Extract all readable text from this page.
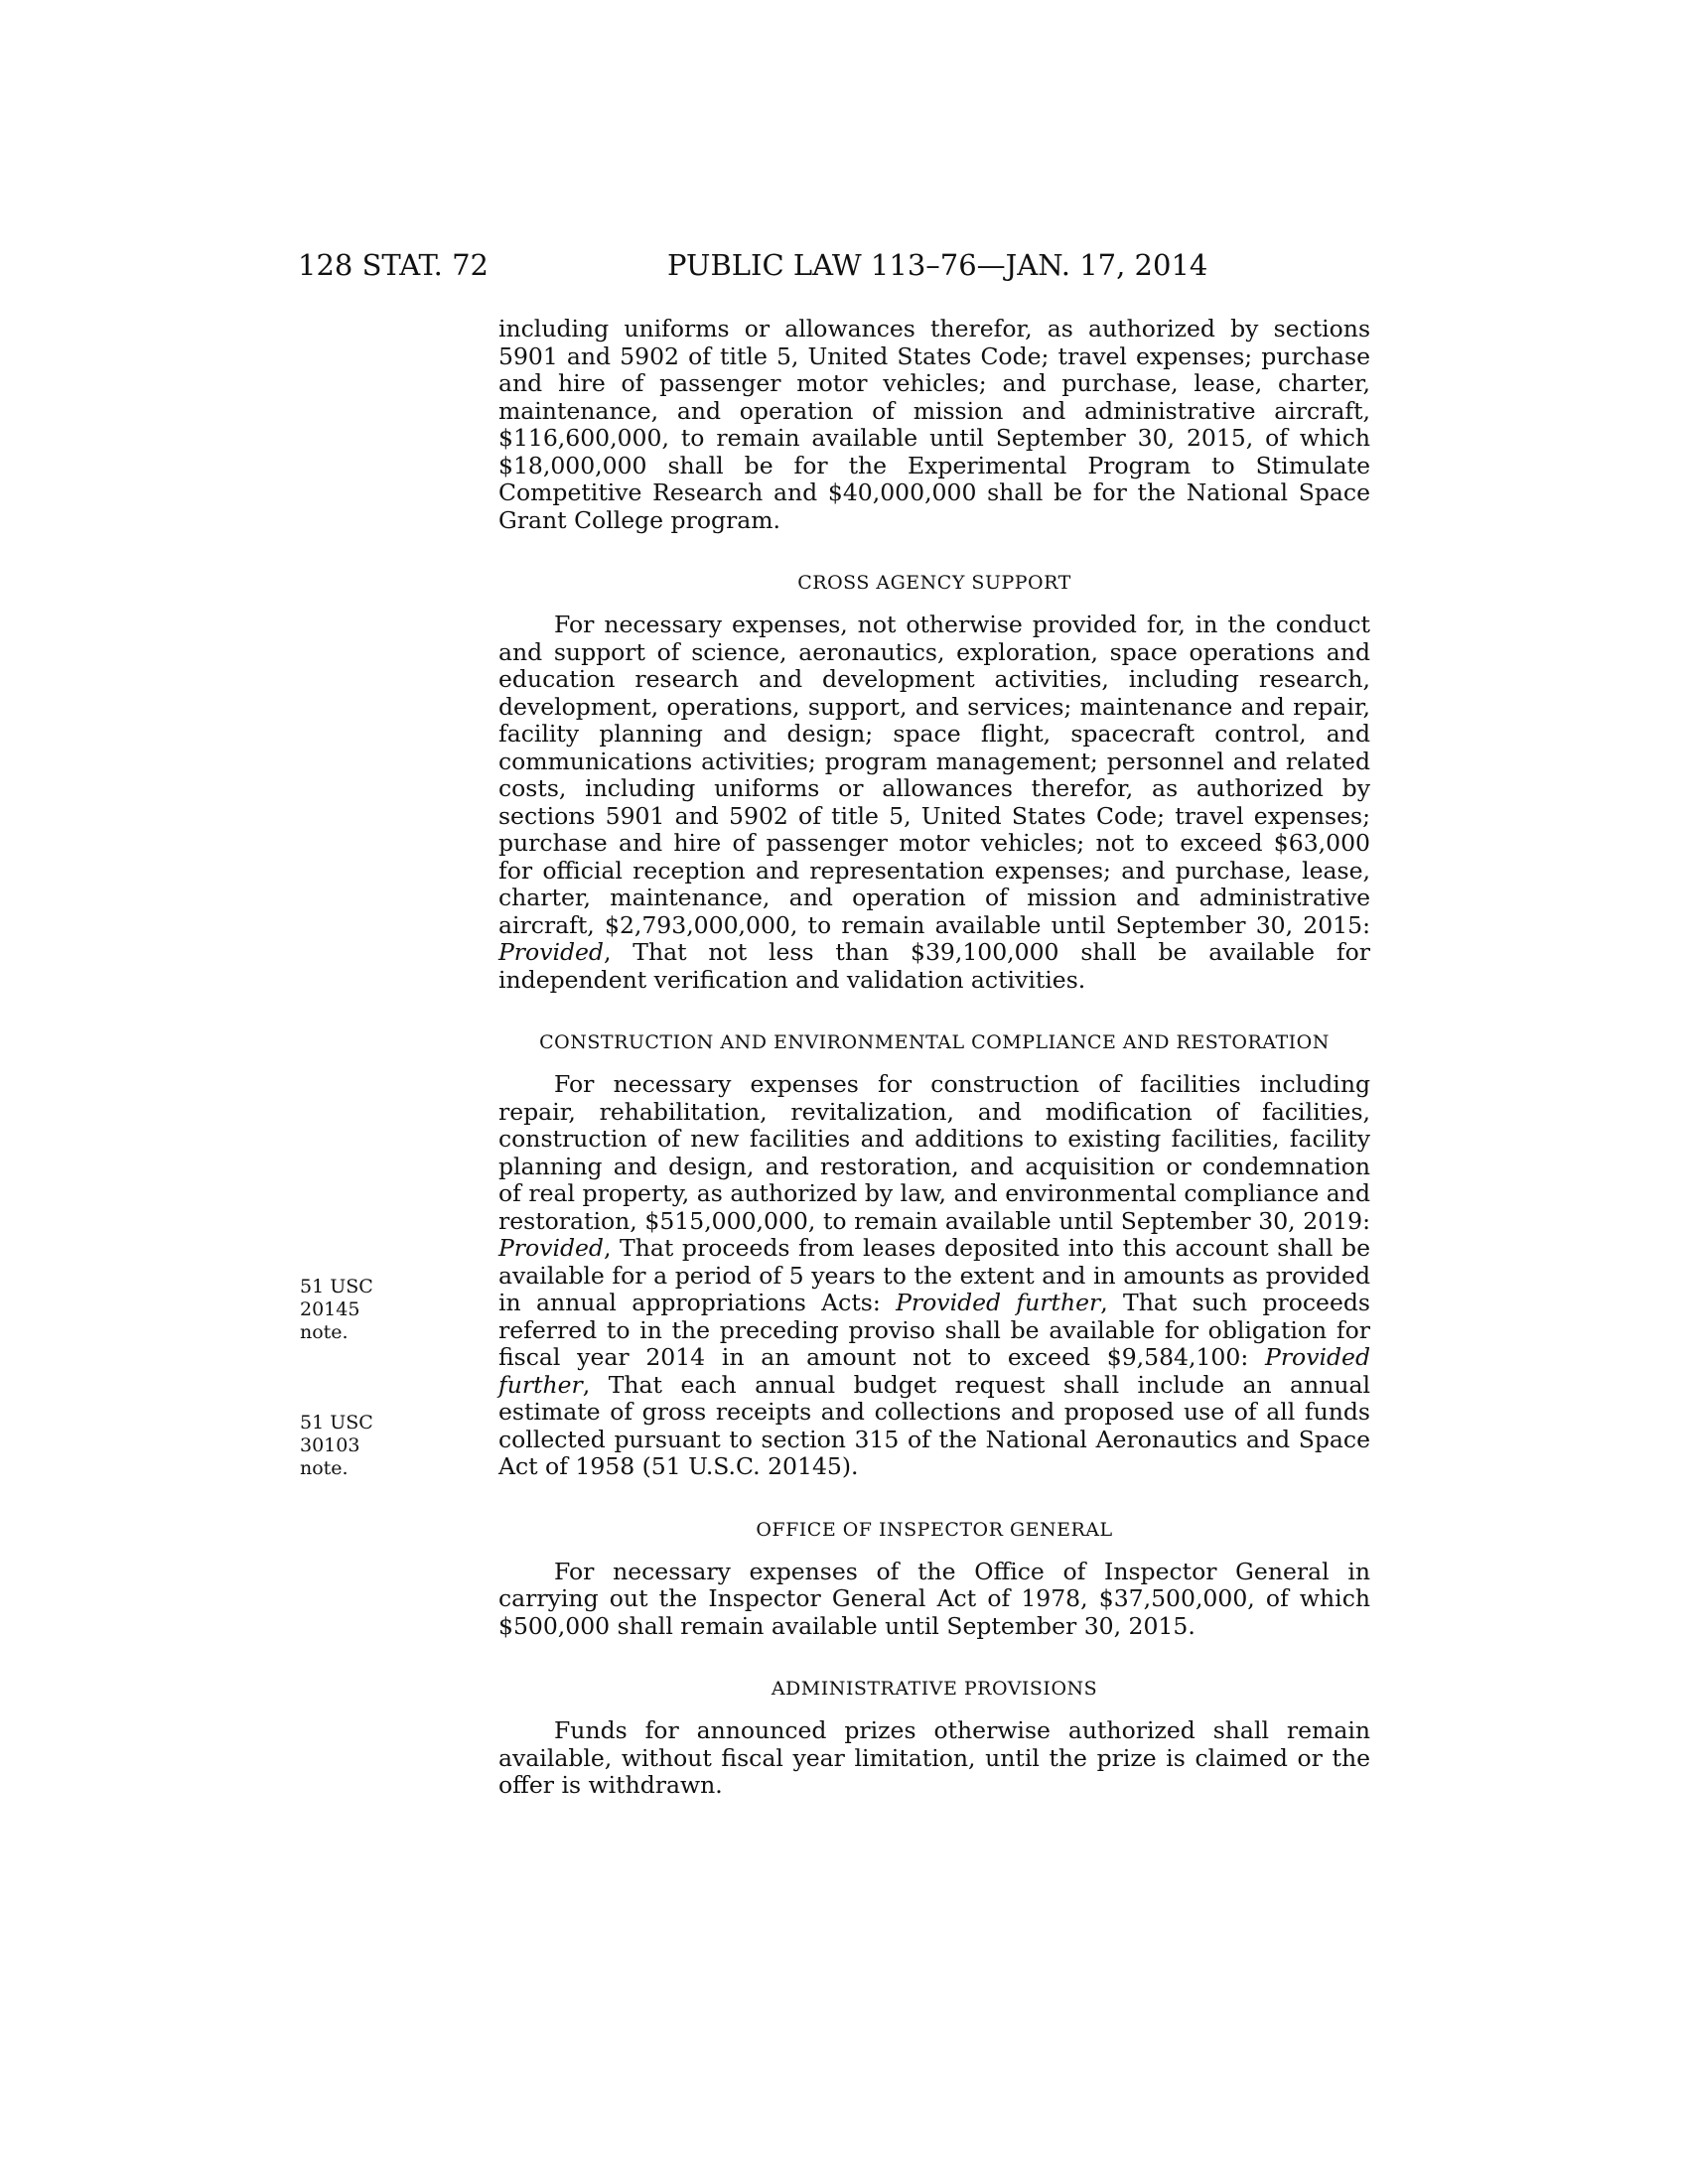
128 STAT. 72	PUBLIC LAW 113–76—JAN. 17, 2014
51 USC 20145
note.
51 USC 30103
note.

including uniforms or allowances therefor, as authorized by sections 5901 and 5902 of title 5, United States Code; travel expenses; purchase and hire of passenger motor vehicles; and purchase, lease, charter, maintenance, and operation of mission and administrative aircraft, $116,600,000, to remain available until September 30, 2015, of which $18,000,000 shall be for the Experimental Program to Stimulate Competitive Research and $40,000,000 shall be for the National Space Grant College program.

CROSS AGENCY SUPPORT

For necessary expenses, not otherwise provided for, in the conduct and support of science, aeronautics, exploration, space operations and education research and development activities, including research, development, operations, support, and services; maintenance and repair, facility planning and design; space flight, spacecraft control, and communications activities; program management; personnel and related costs, including uniforms or allowances therefor, as authorized by sections 5901 and 5902 of title 5, United States Code; travel expenses; purchase and hire of passenger motor vehicles; not to exceed $63,000 for official reception and representation expenses; and purchase, lease, charter, maintenance, and operation of mission and administrative aircraft, $2,793,000,000, to remain available until September 30, 2015: Provided, That not less than $39,100,000 shall be available for independent verification and validation activities.

CONSTRUCTION AND ENVIRONMENTAL COMPLIANCE AND RESTORATION

For necessary expenses for construction of facilities including repair, rehabilitation, revitalization, and modification of facilities, construction of new facilities and additions to existing facilities, facility planning and design, and restoration, and acquisition or condemnation of real property, as authorized by law, and environmental compliance and restoration, $515,000,000, to remain available until September 30, 2019: Provided, That proceeds from leases deposited into this account shall be available for a period of 5 years to the extent and in amounts as provided in annual appropriations Acts: Provided further, That such proceeds referred to in the preceding proviso shall be available for obligation for fiscal year 2014 in an amount not to exceed $9,584,100: Provided further, That each annual budget request shall include an annual estimate of gross receipts and collections and proposed use of all funds collected pursuant to section 315 of the National Aeronautics and Space Act of 1958 (51 U.S.C. 20145).

OFFICE OF INSPECTOR GENERAL

For necessary expenses of the Office of Inspector General in carrying out the Inspector General Act of 1978, $37,500,000, of which $500,000 shall remain available until September 30, 2015.

ADMINISTRATIVE PROVISIONS

Funds for announced prizes otherwise authorized shall remain available, without fiscal year limitation, until the prize is claimed or the offer is withdrawn.
